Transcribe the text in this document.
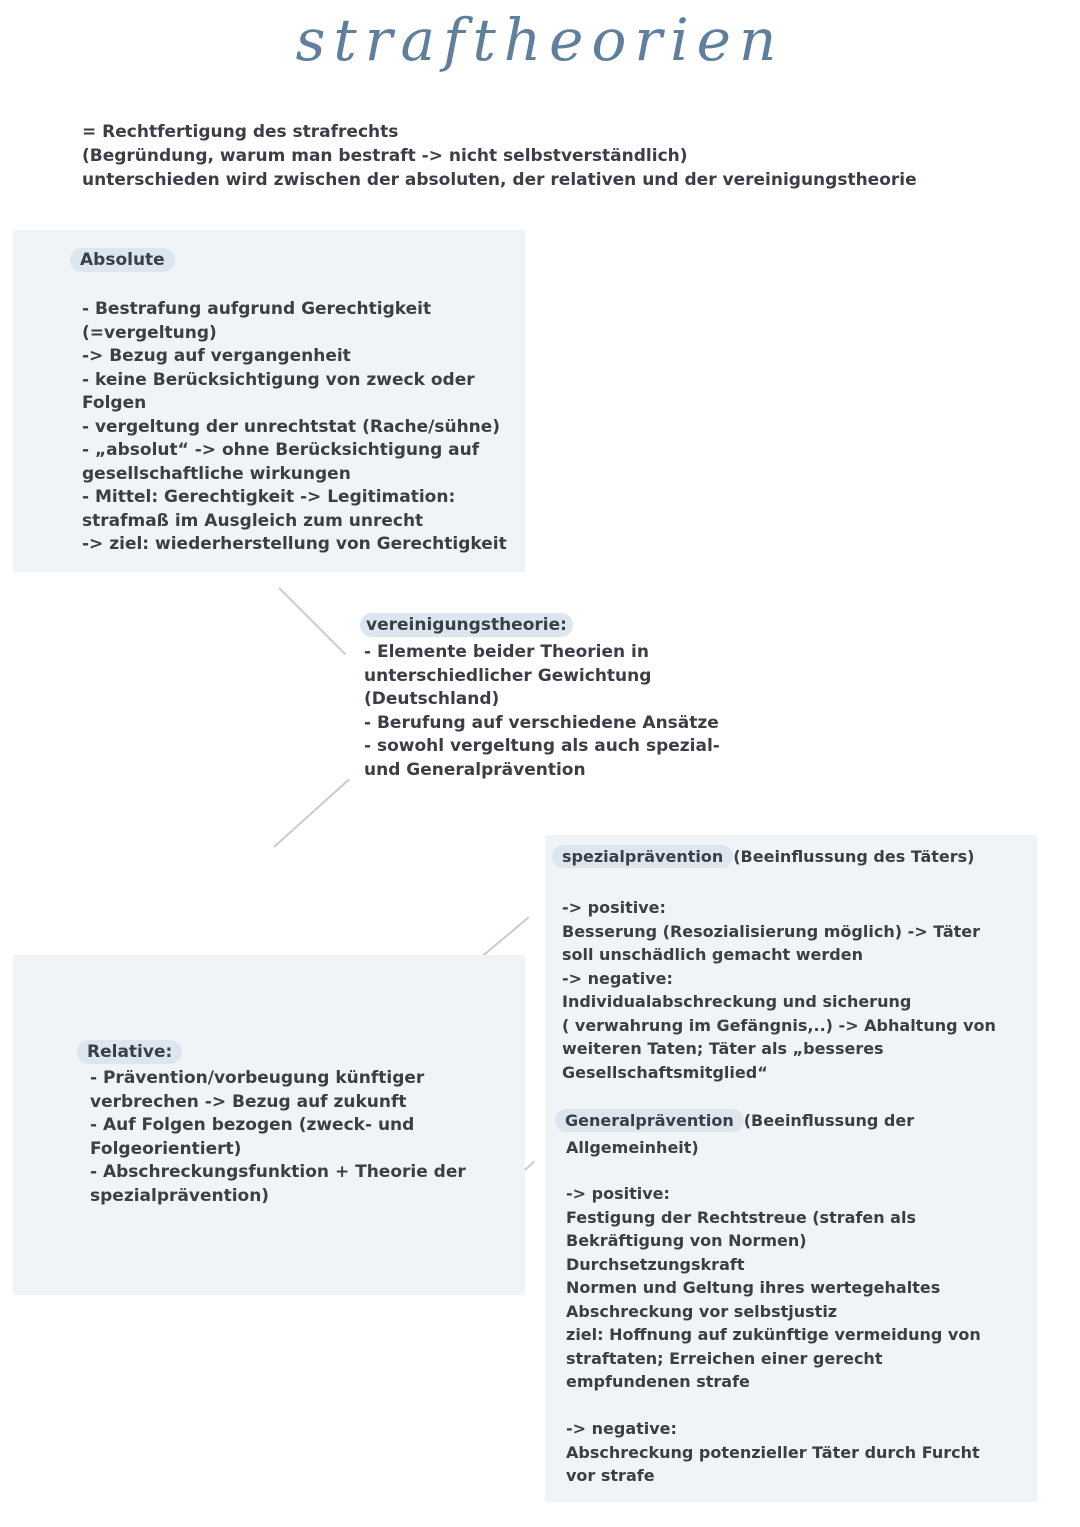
straftheorien
= Rechtfertigung des strafrechts
(Begründung, warum man bestraft -> nicht selbstverständlich)
unterschieden wird zwischen der absoluten, der relativen und der vereinigungstheorie
Absolute
- Bestrafung aufgrund Gerechtigkeit
(=vergeltung)
-> Bezug auf vergangenheit
- keine Berücksichtigung von zweck oder
Folgen
- vergeltung der unrechtstat (Rache/sühne)
- „absolut“ -> ohne Berücksichtigung auf
gesellschaftliche wirkungen
- Mittel: Gerechtigkeit -> Legitimation:
strafmaß im Ausgleich zum unrecht
-> ziel: wiederherstellung von Gerechtigkeit
vereinigungstheorie:
- Elemente beider Theorien in
unterschiedlicher Gewichtung
(Deutschland)
- Berufung auf verschiedene Ansätze
- sowohl vergeltung als auch spezial-
und Generalprävention
Relative:
- Prävention/vorbeugung künftiger
verbrechen -> Bezug auf zukunft
- Auf Folgen bezogen (zweck- und
Folgeorientiert)
- Abschreckungsfunktion + Theorie der
spezialprävention)
spezialprävention (Beeinflussung des Täters)
-> positive:
Besserung (Resozialisierung möglich) -> Täter
soll unschädlich gemacht werden
-> negative:
Individualabschreckung und sicherung
( verwahrung im Gefängnis,..) -> Abhaltung von
weiteren Taten; Täter als „besseres
Gesellschaftsmitglied“
Generalprävention (Beeinflussung der
Allgemeinheit)
-> positive:
Festigung der Rechtstreue (strafen als
Bekräftigung von Normen)
Durchsetzungskraft
Normen und Geltung ihres wertegehaltes
Abschreckung vor selbstjustiz
ziel: Hoffnung auf zukünftige vermeidung von
straftaten; Erreichen einer gerecht
empfundenen strafe
-> negative:
Abschreckung potenzieller Täter durch Furcht
vor strafe
